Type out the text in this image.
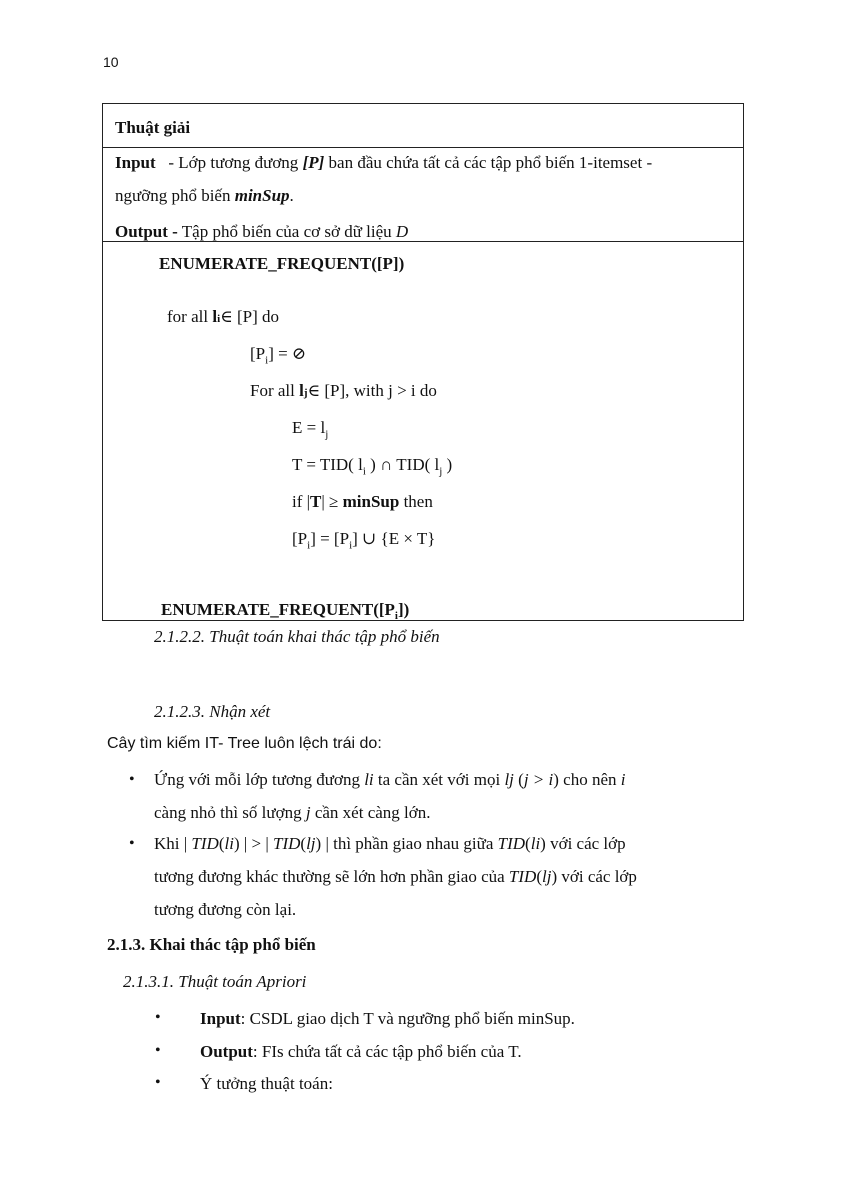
10
Thuật giải
Input - Lớp tương đương [P] ban đầu chứa tất cả các tập phổ biến 1-itemset -
ngưỡng phổ biến minSup.
Output - Tập phổ biến của cơ sở dữ liệu D
ENUMERATE_FREQUENT([P])
for all li∈ [P] do
$[P_i]$ = ⊘
For all lj∈ [P], with j > i do
$E = l_j$
T = TID( $l_i$ ) ∩ TID( $l_j$ )
if |T| ≥ minSup then
$[P_i] = [P_i]$ ∪ {E × T}
$ENUMERATE\_FREQUENT([P_i])$
2.1.2.2. Thuật toán khai thác tập phổ biến
2.1.2.3. Nhận xét
Cây tìm kiếm IT- Tree luôn lệch trái do:
• Ứng với mỗi lớp tương đương li ta cần xét với mọi lj (j > i) cho nên i
càng nhỏ thì số lượng j cần xét càng lớn.
• Khi | TID(li) | > | TID(lj) | thì phần giao nhau giữa TID(li) với các lớp
tương đương khác thường sẽ lớn hơn phần giao của TID(lj) với các lớp
tương đương còn lại.
2.1.3. Khai thác tập phổ biến
2.1.3.1. Thuật toán Apriori
• Input: CSDL giao dịch T và ngưỡng phổ biến minSup.
• Output: FIs chứa tất cả các tập phổ biến của T.
• Ý tưởng thuật toán:
